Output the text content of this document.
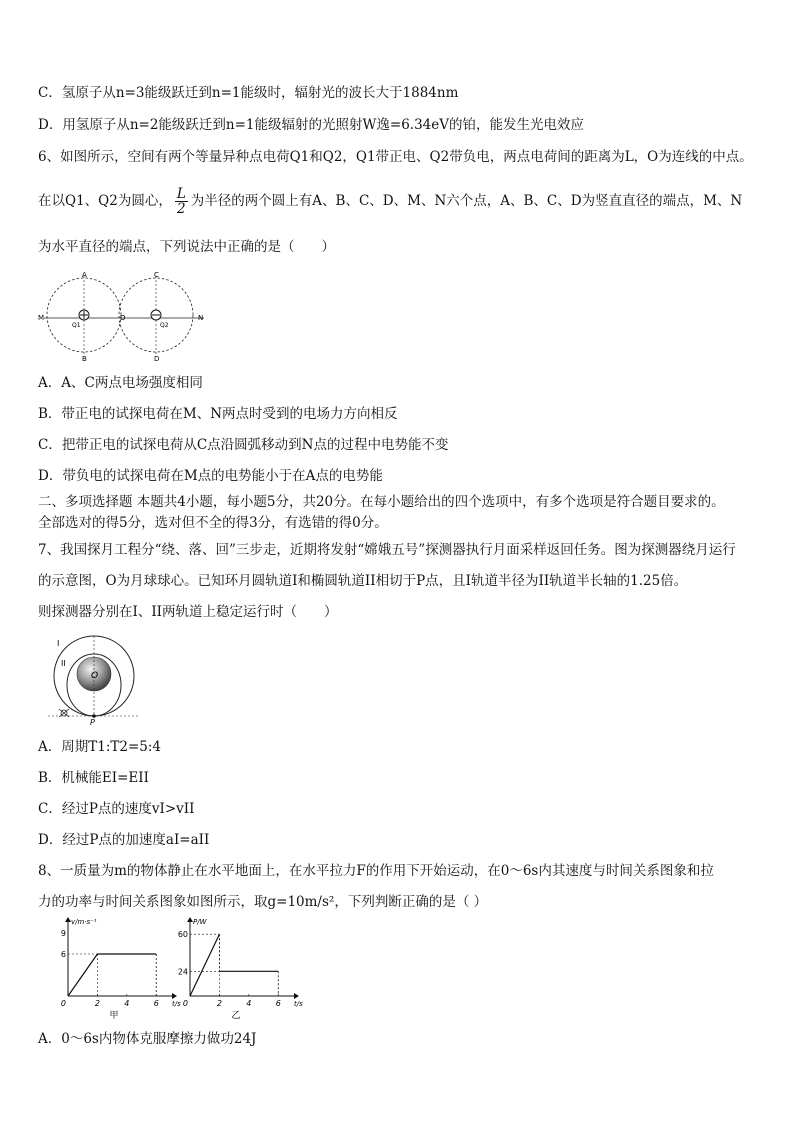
C．氢原子从n=3能级跃迁到n=1能级时，辐射光的波长大于1884nm
D．用氢原子从n=2能级跃迁到n=1能级辐射的光照射W逸=6.34eV的铂，能发生光电效应
6、如图所示，空间有两个等量异种点电荷Q1和Q2，Q1带正电、Q2带负电，两点电荷间的距离为L，O为连线的中点。
在以Q1、Q2为圆心， $\frac{L}{2}$ 为半径的两个圆上有A、B、C、D、M、N六个点，A、B、C、D为竖直直径的端点，M、N
为水平直径的端点，下列说法中正确的是（　　）
A
B
C
D
M	N
O
Q1	Q2
A．A、C两点电场强度相同
B．带正电的试探电荷在M、N两点时受到的电场力方向相反
C．把带正电的试探电荷从C点沿圆弧移动到N点的过程中电势能不变
D．带负电的试探电荷在M点的电势能小于在A点的电势能
二、多项选择题 本题共4小题，每小题5分，共20分。在每小题给出的四个选项中，有多个选项是符合题目要求的。
全部选对的得5分，选对但不全的得3分，有选错的得0分。
7、我国探月工程分“绕、落、回”三步走，近期将发射“嫦娥五号”探测器执行月面采样返回任务。图为探测器绕月运行
的示意图，O为月球球心。已知环月圆轨道I和椭圆轨道II相切于P点，且I轨道半径为II轨道半长轴的1.25倍。
则探测器分别在I、II两轨道上稳定运行时（　　）
I
II
O
P
A．周期T1:T2=5:4
B．机械能EI=EII
C．经过P点的速度vI>vII
D．经过P点的加速度aI=aII
8、一质量为m的物体静止在水平地面上，在水平拉力F的作用下开始运动，在0～6s内其速度与时间关系图象和拉
力的功率与时间关系图象如图所示，取g=10m/s²，下列判断正确的是（ ）
6
9
2	4	6
0
v/m·s⁻¹
t/s
甲
24
60
2	4	6
0
P/W
t/s
乙
A．0～6s内物体克服摩擦力做功24J
